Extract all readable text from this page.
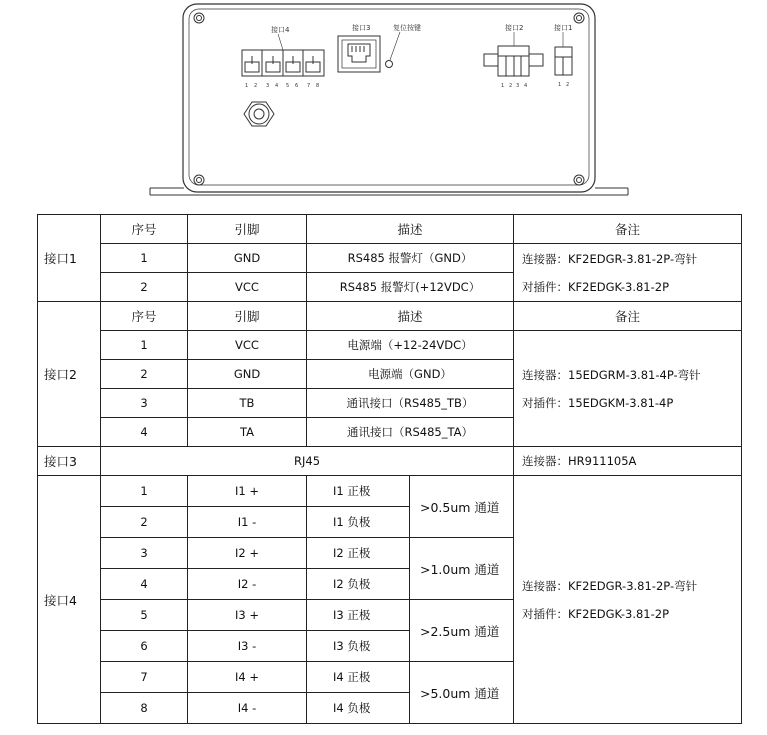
接口4	接口3	复位按键	接口2	接口1
1 2 3 4 5 6 7 8	1 2 3 4	1 2
接口1	序号	引脚	描述		备注
	1	GND	RS485 报警灯（GND）		连接器：KF2EDGR-3.81-2P-弯针
对插件：KF2EDGK-3.81-2P

	2	VCC	RS485 报警灯(+12VDC）		
接口2	序号	引脚	描述		备注
	1	VCC	电源端（+12-24VDC）		连接器：15EDGRM-3.81-4P-弯针
对插件：15EDGKM-3.81-4P

	2	GND	电源端（GND）		
	3	TB	通讯接口（RS485_TB）		
	4	TA	通讯接口（RS485_TA）		
接口3	RJ45				连接器：HR911105A
接口4	1	I1 +	I1 正极	>0.5um 通道	连接器：KF2EDGR-3.81-2P-弯针
对插件：KF2EDGK-3.81-2P

	2	I1 -	I1 负极		
	3	I2 +	I2 正极	>1.0um 通道	
	4	I2 -	I2 负极		
	5	I3 +	I3 正极	>2.5um 通道	
	6	I3 -	I3 负极		
	7	I4 +	I4 正极	>5.0um 通道	
	8	I4 -	I4 负极		
